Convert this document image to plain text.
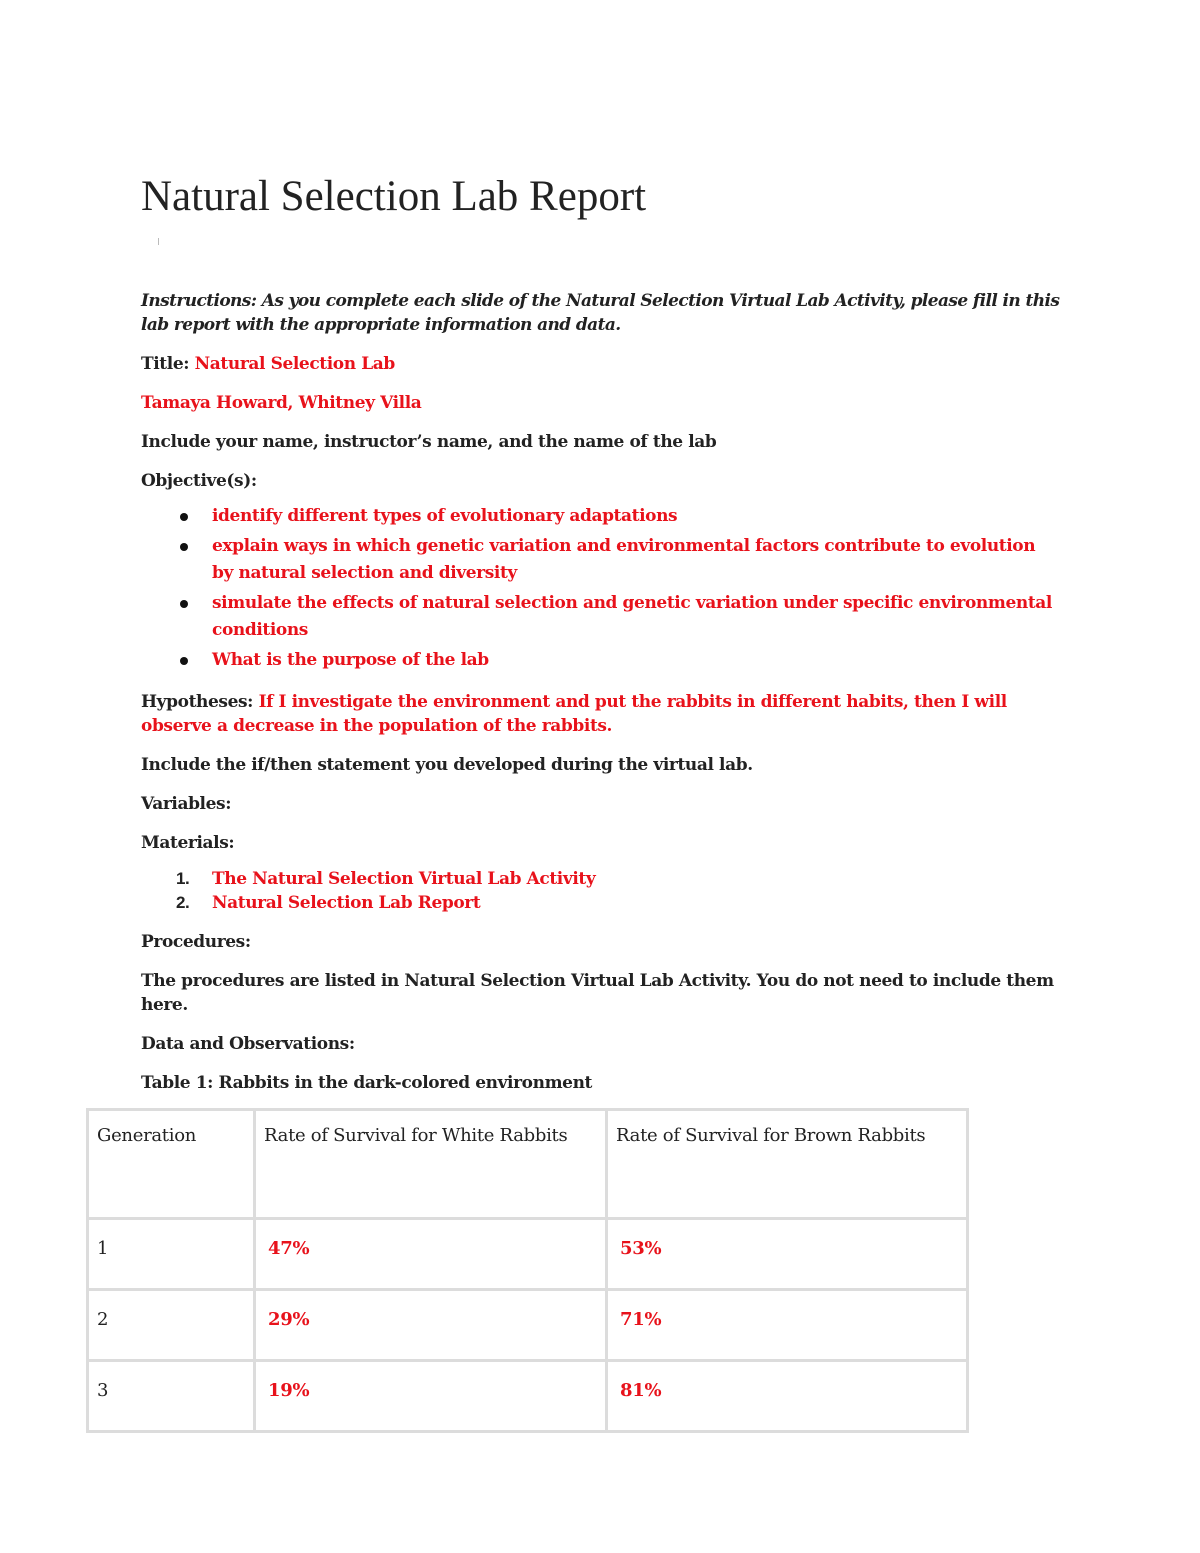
Natural Selection Lab Report

Instructions: As you complete each slide of the Natural Selection Virtual Lab Activity, please fill in this lab report with the appropriate information and data.

Title: Natural Selection Lab

Tamaya Howard, Whitney Villa

Include your name, instructor’s name, and the name of the lab

Objective(s):

identify different types of evolutionary adaptations
explain ways in which genetic variation and environmental factors contribute to evolution by natural selection and diversity
simulate the effects of natural selection and genetic variation under specific environmental conditions
What is the purpose of the lab

Hypotheses: If I investigate the environment and put the rabbits in different habits, then I will observe a decrease in the population of the rabbits.

Include the if/then statement you developed during the virtual lab.

Variables:

Materials:

1. The Natural Selection Virtual Lab Activity
2. Natural Selection Lab Report

Procedures:

The procedures are listed in Natural Selection Virtual Lab Activity. You do not need to include them here.

Data and Observations:

Table 1: Rabbits in the dark-colored environment

Generation	Rate of Survival for White Rabbits	Rate of Survival for Brown Rabbits
1	47%	53%
2	29%	71%
3	19%	81%
